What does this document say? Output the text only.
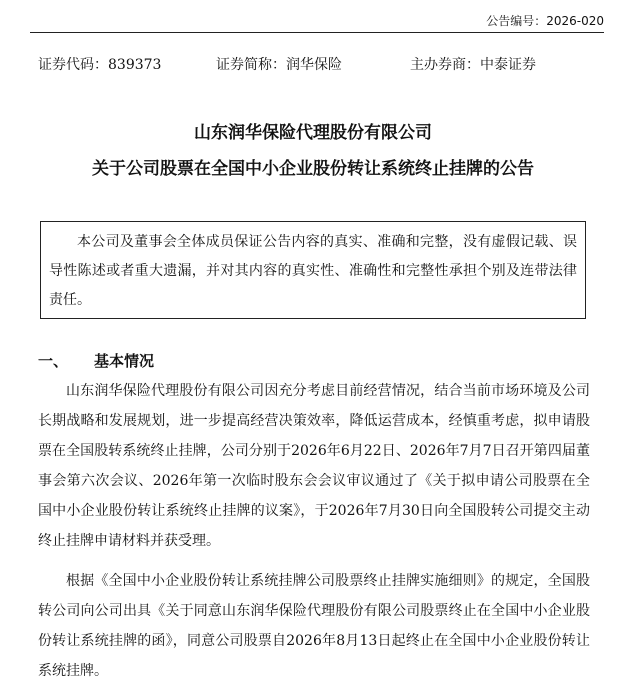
公告编号：2026-020
证券代码：839373	证券简称：润华保险	主办券商：中泰证券
山东润华保险代理股份有限公司
关于公司股票在全国中小企业股份转让系统终止挂牌的公告
本公司及董事会全体成员保证公告内容的真实、准确和完整，没有虚假记载、误导性陈述或者重大遗漏，并对其内容的真实性、准确性和完整性承担个别及连带法律责任。
一、 基本情况
山东润华保险代理股份有限公司因充分考虑目前经营情况，结合当前市场环境及公司长期战略和发展规划，进一步提高经营决策效率，降低运营成本，经慎重考虑，拟申请股票在全国股转系统终止挂牌，公司分别于2026年6月22日、2026年7月7日召开第四届董事会第六次会议、2026年第一次临时股东会会议审议通过了《关于拟申请公司股票在全国中小企业股份转让系统终止挂牌的议案》，于2026年7月30日向全国股转公司提交主动终止挂牌申请材料并获受理。
根据《全国中小企业股份转让系统挂牌公司股票终止挂牌实施细则》的规定，全国股转公司向公司出具《关于同意山东润华保险代理股份有限公司股票终止在全国中小企业股份转让系统挂牌的函》，同意公司股票自2026年8月13日起终止在全国中小企业股份转让系统挂牌。
